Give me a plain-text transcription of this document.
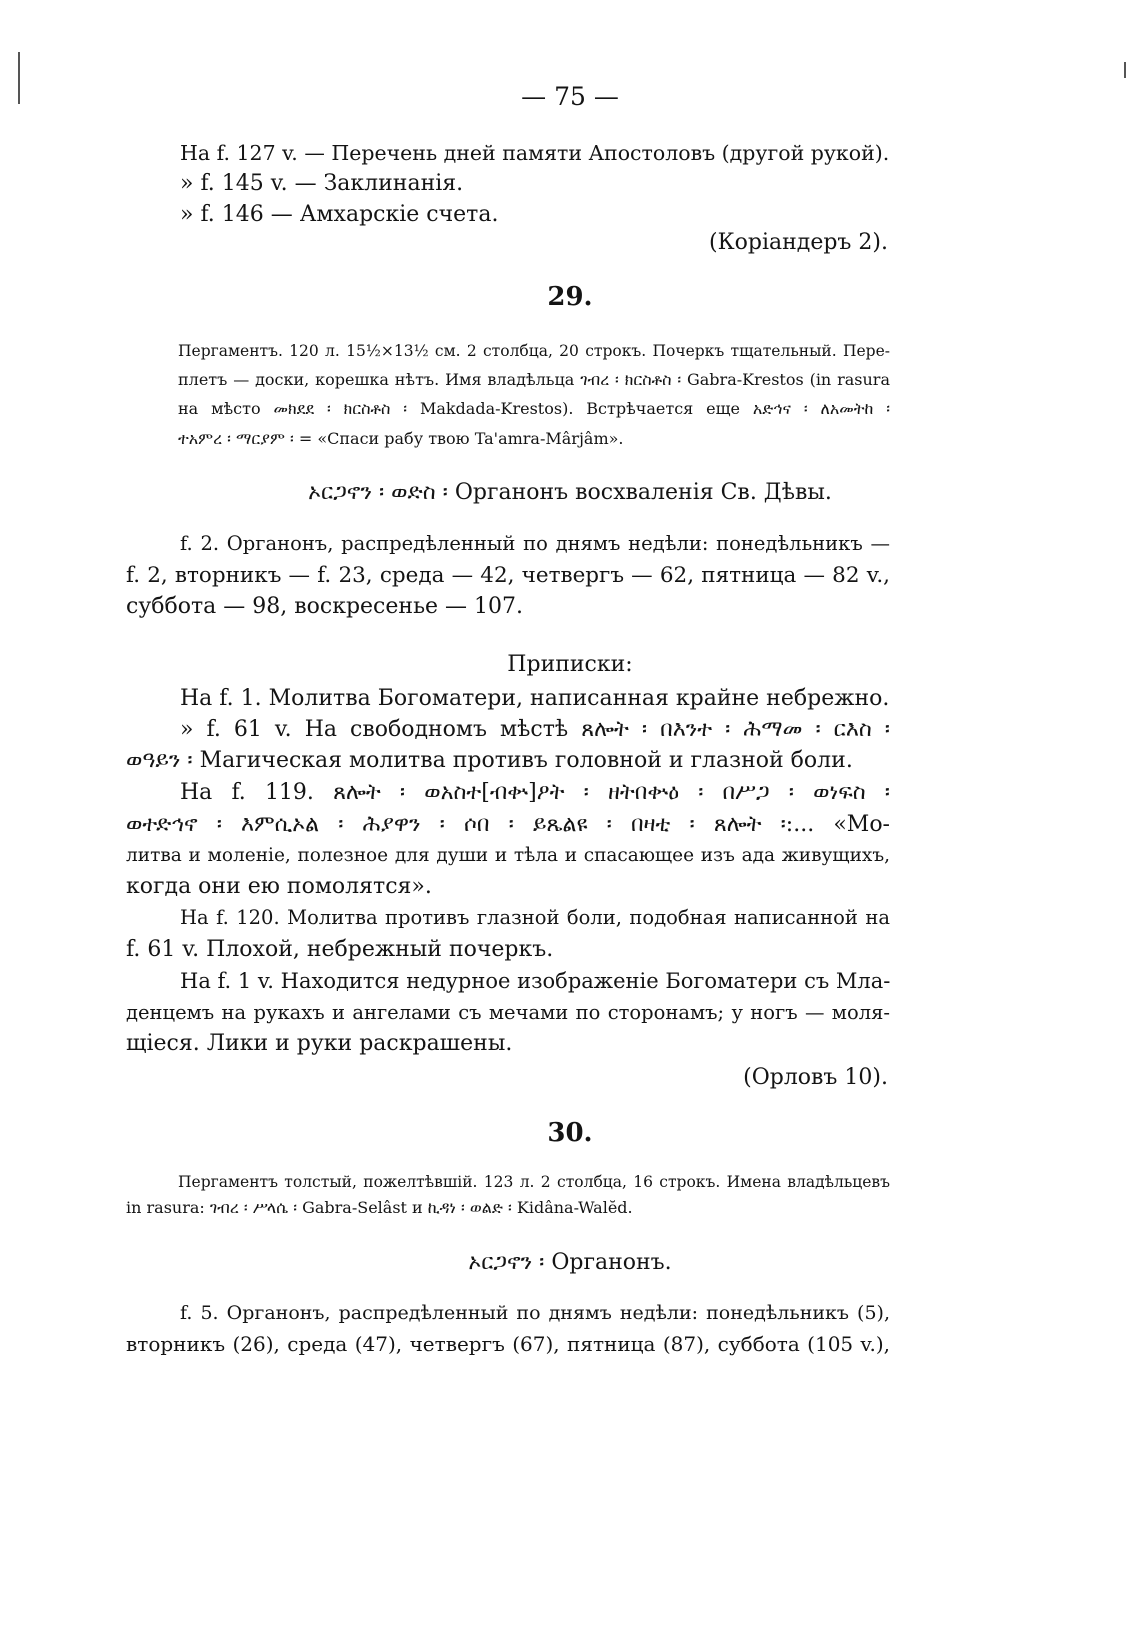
— 75 —
На f. 127 v. — Перечень дней памяти Апостоловъ (другой рукой).
» f. 145 v. — Заклинанія.
» f. 146 — Амхарскіе счета.
(Коріандеръ 2).
29.
Пергаментъ. 120 л. 15½×13½ см. 2 столбца, 20 строкъ. Почеркъ тщательный. Пере-
плетъ — доски, корешка нѣтъ. Имя владѣльца ገብረ ፡ ክርስቶስ ፡ Gabra-Krestos (in rasura
на мѣсто መክደደ ፡ ክርስቶስ ፡ Makdada-Krestos). Встрѣчается еще አድኅና ፡ ለአመትከ ፡
ተአምረ ፡ ማርያም ፡ = «Спаси рабу твою Ta'amra-Mârjâm».
ኦርጋኖን ፡ ወድስ ፡ Органонъ восхваленія Св. Дѣвы.
f. 2. Органонъ, распредѣленный по днямъ недѣли: понедѣльникъ —
f. 2, вторникъ — f. 23, среда — 42, четвергъ — 62, пятница — 82 v.,
суббота — 98, воскресенье — 107.
Приписки:
На f. 1. Молитва Богоматери, написанная крайне небрежно.
» f. 61 v. На свободномъ мѣстѣ ጸሎት ፡ በእንተ ፡ ሕማመ ፡ ርእስ ፡
ወዓይን ፡ Магическая молитва противъ головной и глазной боли.
На f. 119. ጸሎት ፡ ወአስተ[ብቍ]ዖት ፡ ዘትበቍዕ ፡ በሥጋ ፡ ወነፍስ ፡
ወተድኅኖ ፡ እምሲኦል ፡ ሕያዋን ፡ ሶበ ፡ ይጼልዩ ፡ በዛቲ ፡ ጸሎት ፡:... «Мо-
литва и моленіе, полезное для души и тѣла и спасающее изъ ада живущихъ,
когда они ею помолятся».
На f. 120. Молитва противъ глазной боли, подобная написанной на
f. 61 v. Плохой, небрежный почеркъ.
На f. 1 v. Находится недурное изображеніе Богоматери съ Мла-
денцемъ на рукахъ и ангелами съ мечами по сторонамъ; у ногъ — моля-
щіеся. Лики и руки раскрашены.
(Орловъ 10).
30.
Пергаментъ толстый, пожелтѣвшій. 123 л. 2 столбца, 16 строкъ. Имена владѣльцевъ
in rasura: ገብረ ፡ ሥላሴ ፡ Gabra-Selâst и ኪዳነ ፡ ወልድ ፡ Kidâna-Walĕd.
ኦርጋኖን ፡ Органонъ.
f. 5. Органонъ, распредѣленный по днямъ недѣли: понедѣльникъ (5),
вторникъ (26), среда (47), четвергъ (67), пятница (87), суббота (105 v.),
